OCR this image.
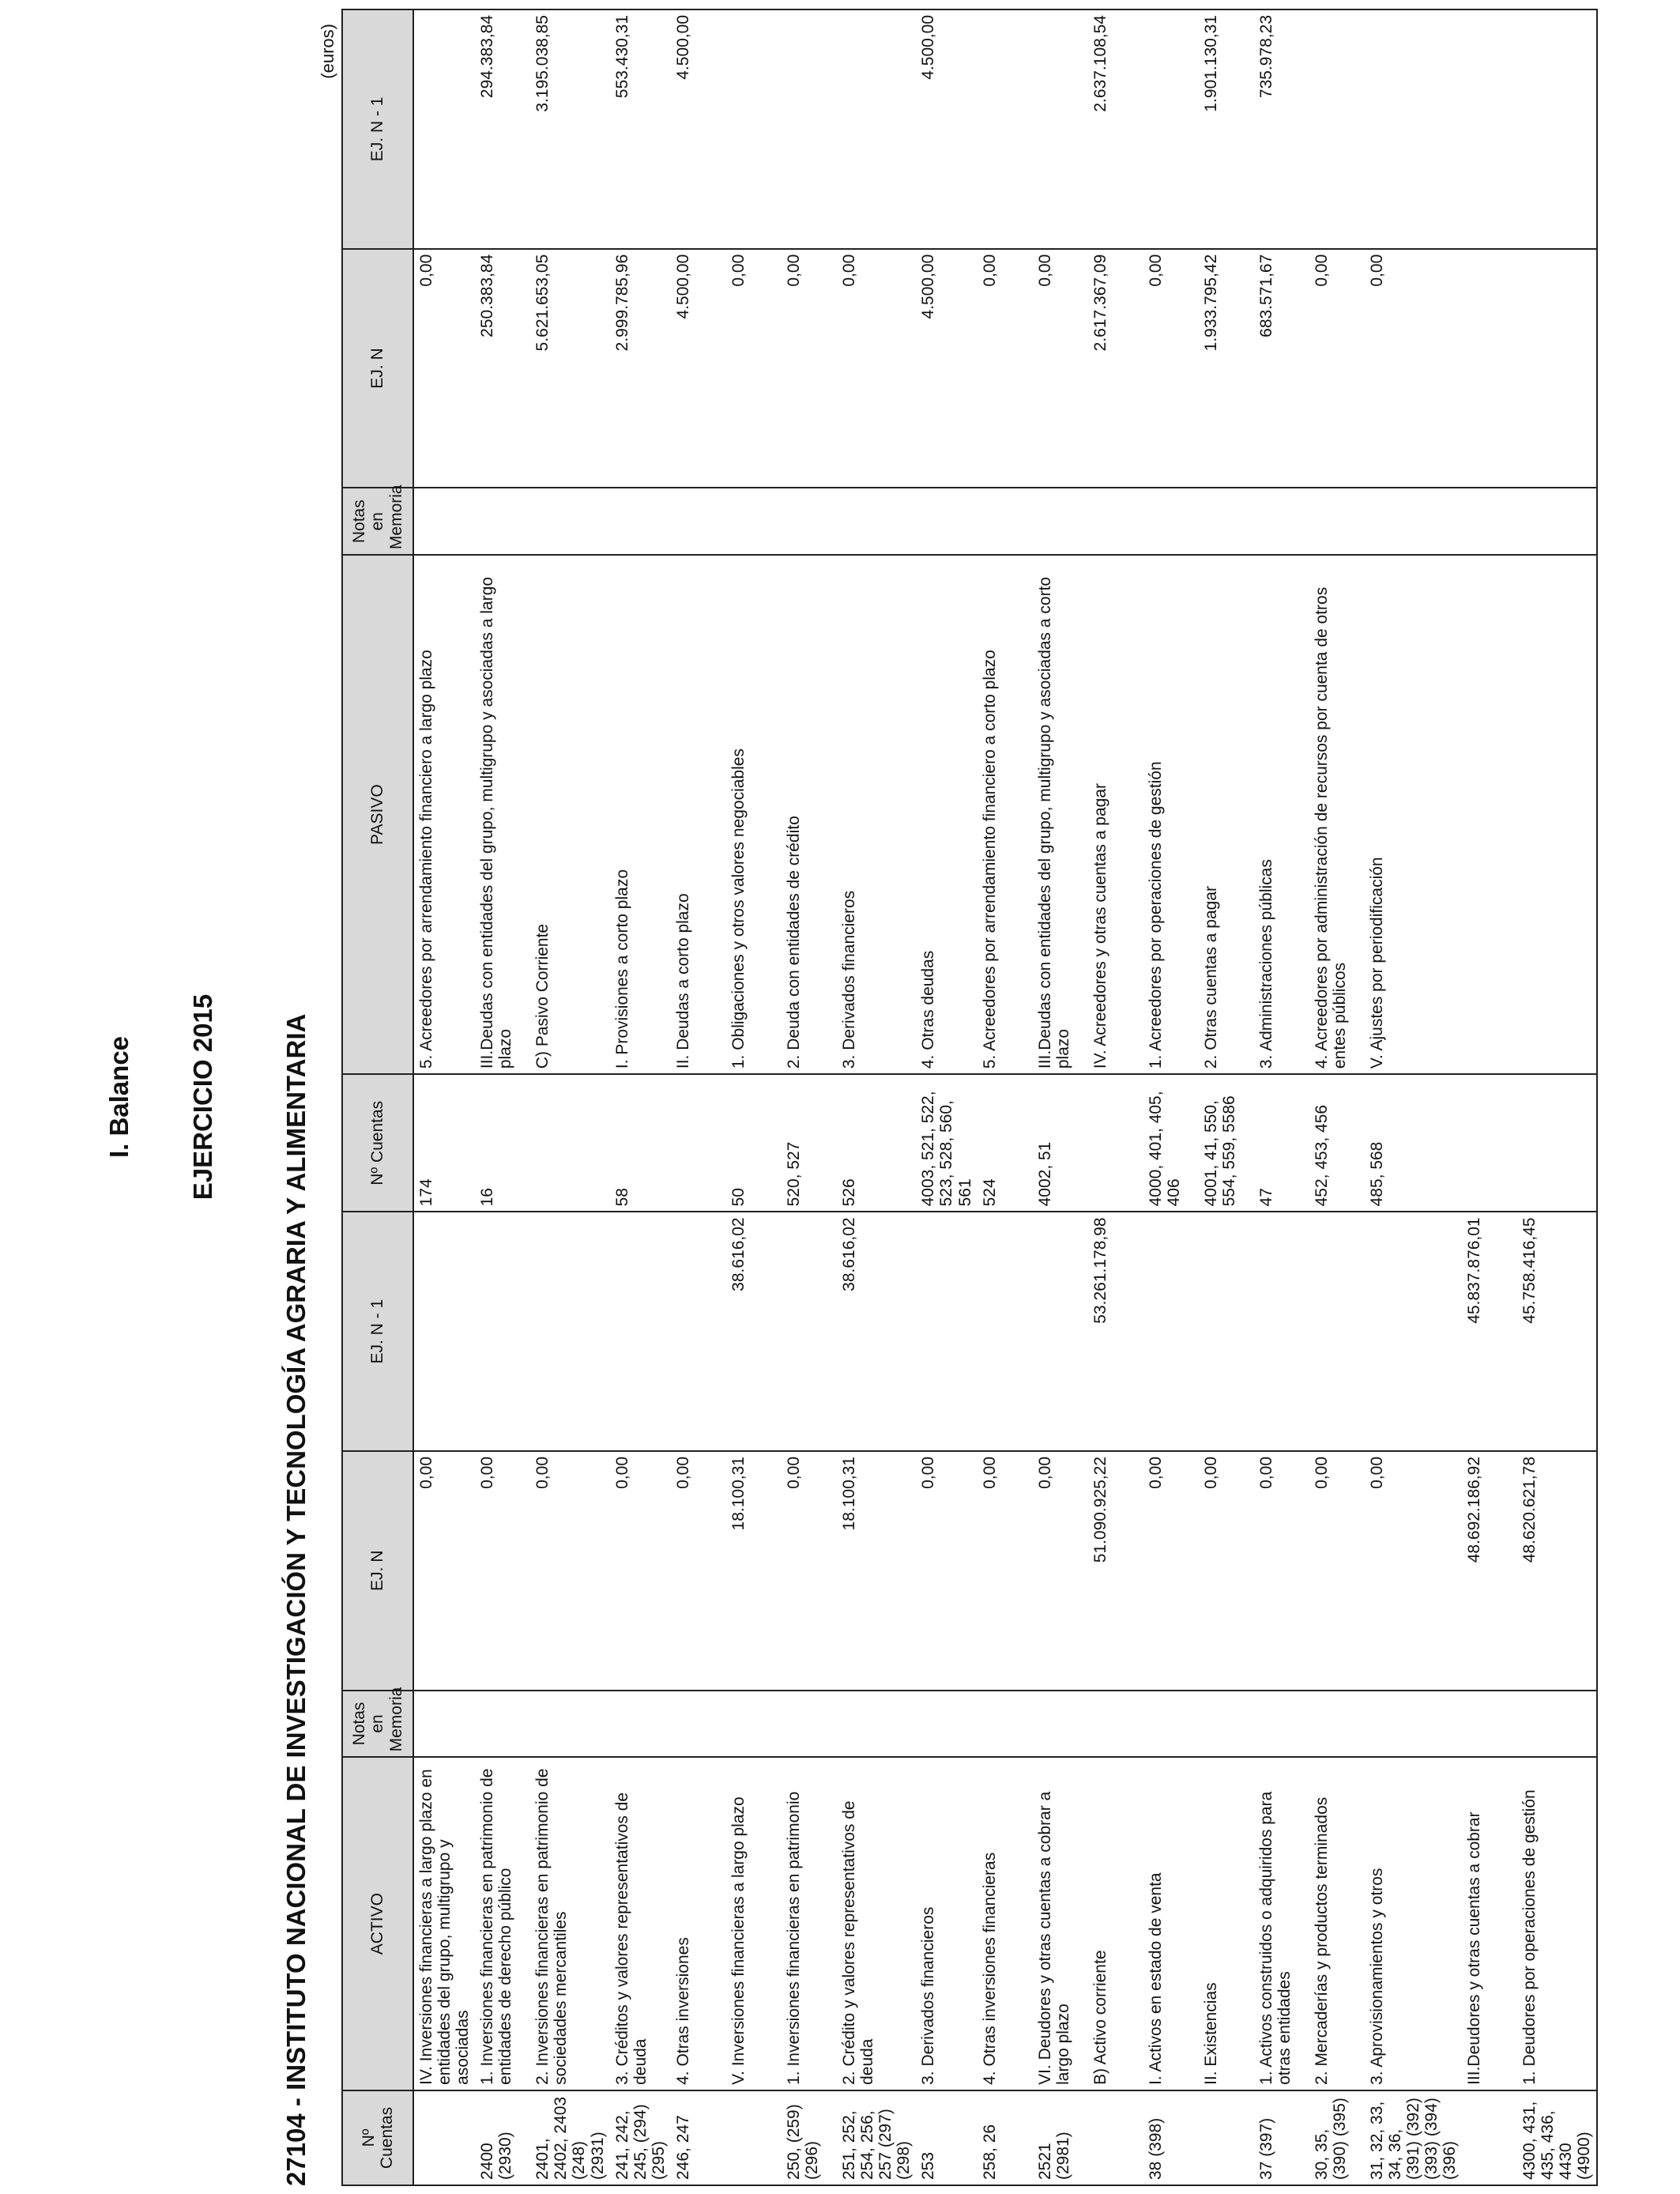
I. Balance EJERCICIO 2015 27104 - INSTITUTO NACIONAL DE INVESTIGACIÓN Y TECNOLOGÍA AGRARIA Y ALIMENTARIA
(euros)
Nº Cuentas	ACTIVO	Notas en Memoria	EJ. N	EJ. N - 1	Nº Cuentas	PASIVO	Notas en Memoria	EJ. N	EJ. N - 1
	IV. Inversiones financieras a largo plazo en entidades del grupo, multigrupo y asociadas		0,00		174	5. Acreedores por arrendamiento financiero a largo plazo		0,00	
2400 (2930)	1. Inversiones financieras en patrimonio de entidades de derecho público		0,00		16	III.Deudas con entidades del grupo, multigrupo y asociadas a largo plazo		250.383,84	294.383,84
2401, 2402, 2403 (248) (2931)	2. Inversiones financieras en patrimonio de sociedades mercantiles		0,00			C) Pasivo Corriente		5.621.653,05	3.195.038,85
241, 242, 245, (294) (295)	3. Créditos y valores representativos de deuda		0,00		58	I. Provisiones a corto plazo		2.999.785,96	553.430,31
246, 247	4. Otras inversiones		0,00			II. Deudas a corto plazo		4.500,00	4.500,00
	V. Inversiones financieras a largo plazo		18.100,31	38.616,02	50	1. Obligaciones y otros valores negociables		0,00	
250, (259) (296)	1. Inversiones financieras en patrimonio		0,00		520, 527	2. Deuda con entidades de crédito		0,00	
251, 252, 254, 256, 257 (297) (298)	2. Crédito y valores representativos de deuda		18.100,31	38.616,02	526	3. Derivados financieros		0,00	
253	3. Derivados financieros		0,00		4003, 521, 522, 523, 528, 560, 561	4. Otras deudas		4.500,00	4.500,00
258, 26	4. Otras inversiones financieras		0,00		524	5. Acreedores por arrendamiento financiero a corto plazo		0,00	
2521 (2981)	VI. Deudores y otras cuentas a cobrar a largo plazo		0,00		4002, 51	III.Deudas con entidades del grupo, multigrupo y asociadas a corto plazo		0,00	
	B) Activo corriente		51.090.925,22	53.261.178,98		IV. Acreedores y otras cuentas a pagar		2.617.367,09	2.637.108,54
38 (398)	I. Activos en estado de venta		0,00		4000, 401, 405, 406	1. Acreedores por operaciones de gestión		0,00	
	II. Existencias		0,00		4001, 41, 550, 554, 559, 5586	2. Otras cuentas a pagar		1.933.795,42	1.901.130,31
37 (397)	1. Activos construidos o adquiridos para otras entidades		0,00		47	3. Administraciones públicas		683.571,67	735.978,23
30, 35, (390) (395)	2. Mercaderías y productos terminados		0,00		452, 453, 456	4. Acreedores por administración de recursos por cuenta de otros entes públicos		0,00	
31, 32, 33, 34, 36, (391) (392) (393) (394) (396)	3. Aprovisionamientos y otros		0,00		485, 568	V. Ajustes por periodificación		0,00	
	III.Deudores y otras cuentas a cobrar		48.692.186,92	45.837.876,01					
4300, 431, 435, 436, 4430 (4900)	1. Deudores por operaciones de gestión		48.620.621,78	45.758.416,45					
